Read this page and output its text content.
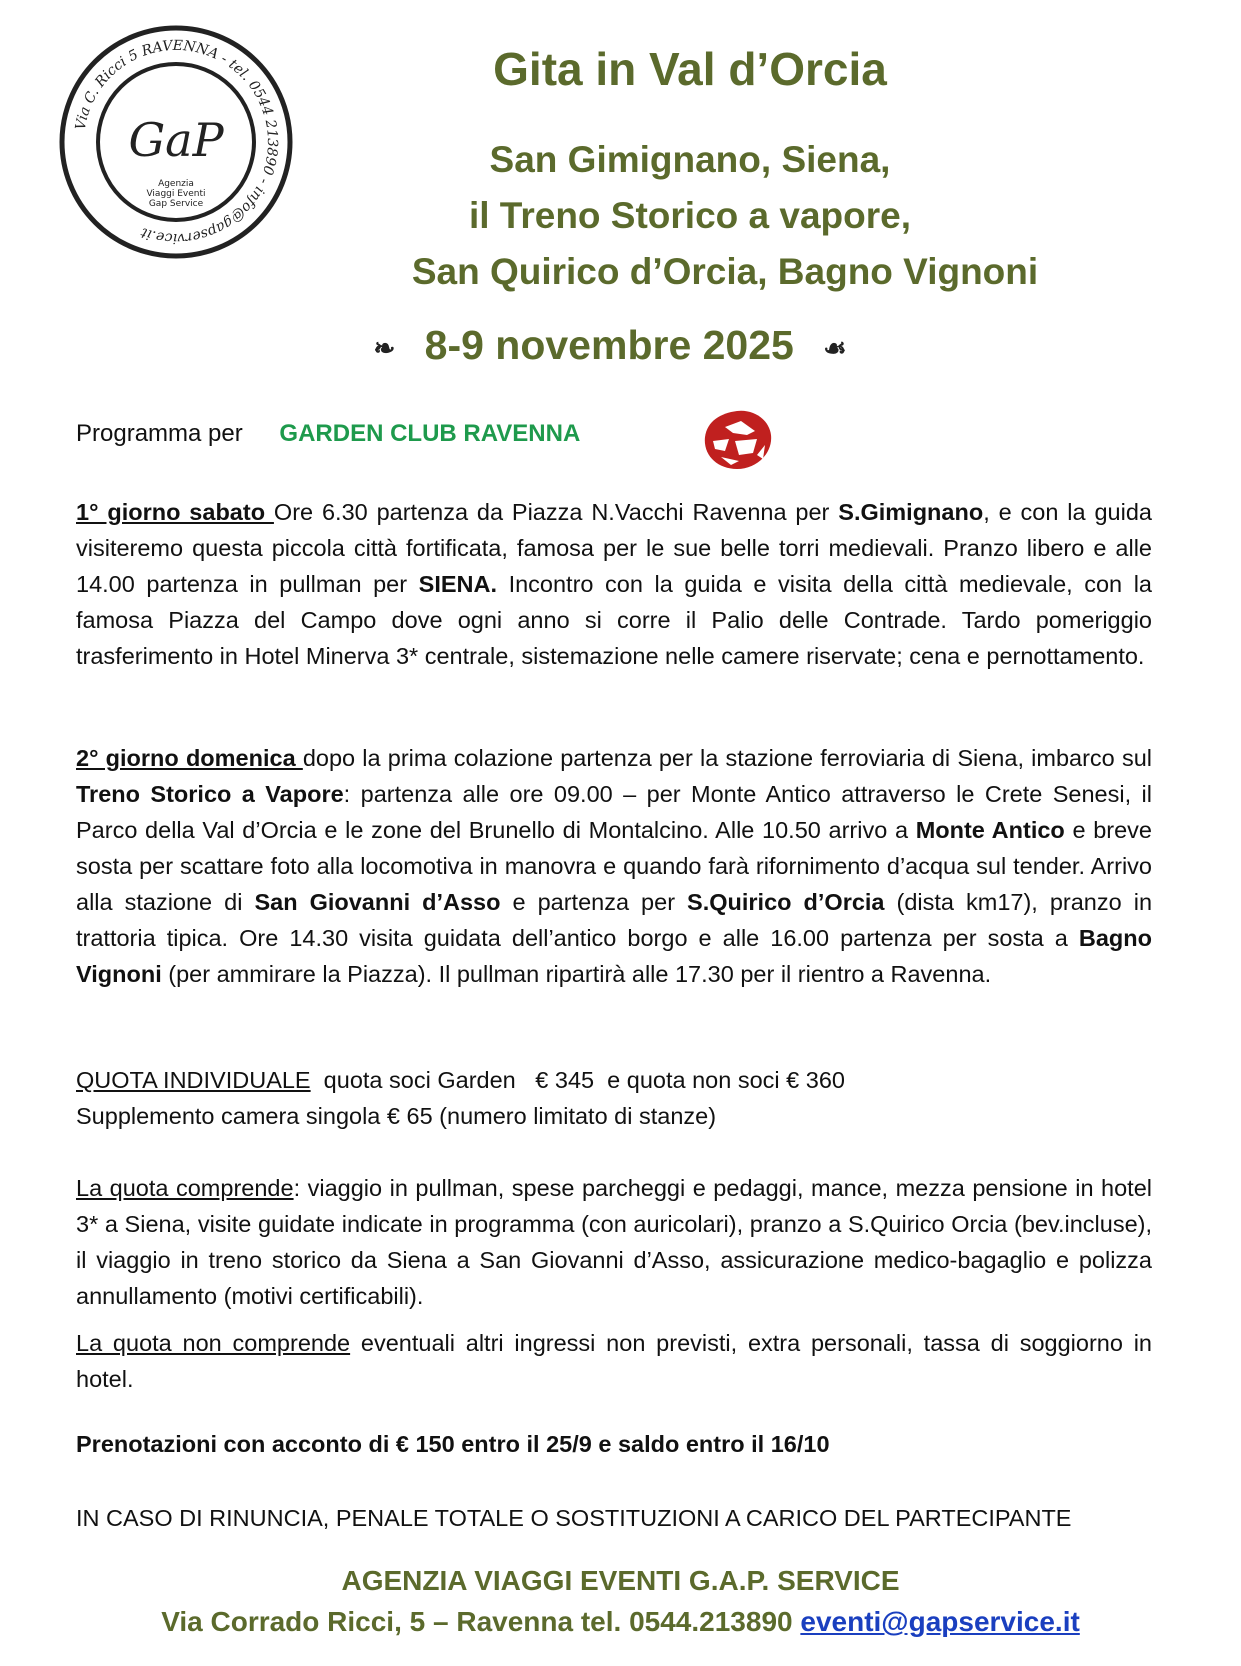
Via C. Ricci 5 RAVENNA - tel. 0544 213890 - info@gapservice.it
GaP
Agenzia
Viaggi Eventi
Gap Service
Gita in Val d’Orcia
San Gimignano, Siena,
il Treno Storico a vapore,
San Quirico d’Orcia, Bagno Vignoni
❧ 8-9 novembre 2025 ☙
Programma per GARDEN CLUB RAVENNA
1° giorno sabato Ore 6.30 partenza da Piazza N.Vacchi Ravenna per S.Gimignano, e con la guida visiteremo questa piccola città fortificata, famosa per le sue belle torri medievali. Pranzo libero e alle 14.00 partenza in pullman per SIENA. Incontro con la guida e visita della città medievale, con la famosa Piazza del Campo dove ogni anno si corre il Palio delle Contrade. Tardo pomeriggio trasferimento in Hotel Minerva 3* centrale, sistemazione nelle camere riservate; cena e pernottamento.
2° giorno domenica dopo la prima colazione partenza per la stazione ferroviaria di Siena, imbarco sul Treno Storico a Vapore: partenza alle ore 09.00 – per Monte Antico attraverso le Crete Senesi, il Parco della Val d’Orcia e le zone del Brunello di Montalcino. Alle 10.50 arrivo a Monte Antico e breve sosta per scattare foto alla locomotiva in manovra e quando farà rifornimento d’acqua sul tender. Arrivo alla stazione di San Giovanni d’Asso e partenza per S.Quirico d’Orcia (dista km17), pranzo in trattoria tipica. Ore 14.30 visita guidata dell’antico borgo e alle 16.00 partenza per sosta a Bagno Vignoni (per ammirare la Piazza). Il pullman ripartirà alle 17.30 per il rientro a Ravenna.
QUOTA INDIVIDUALE  quota soci Garden   € 345  e quota non soci € 360
Supplemento camera singola € 65 (numero limitato di stanze)
La quota comprende: viaggio in pullman, spese parcheggi e pedaggi, mance, mezza pensione in hotel 3* a Siena, visite guidate indicate in programma (con auricolari), pranzo a S.Quirico Orcia (bev.incluse), il viaggio in treno storico da Siena a San Giovanni d’Asso, assicurazione medico-bagaglio e polizza annullamento (motivi certificabili).
La quota non comprende eventuali altri ingressi non previsti, extra personali, tassa di soggiorno in hotel.
Prenotazioni con acconto di € 150 entro il 25/9 e saldo entro il 16/10
IN CASO DI RINUNCIA, PENALE TOTALE O SOSTITUZIONI A CARICO DEL PARTECIPANTE
AGENZIA VIAGGI EVENTI G.A.P. SERVICE
Via Corrado Ricci, 5 – Ravenna tel. 0544.213890 eventi@gapservice.it
